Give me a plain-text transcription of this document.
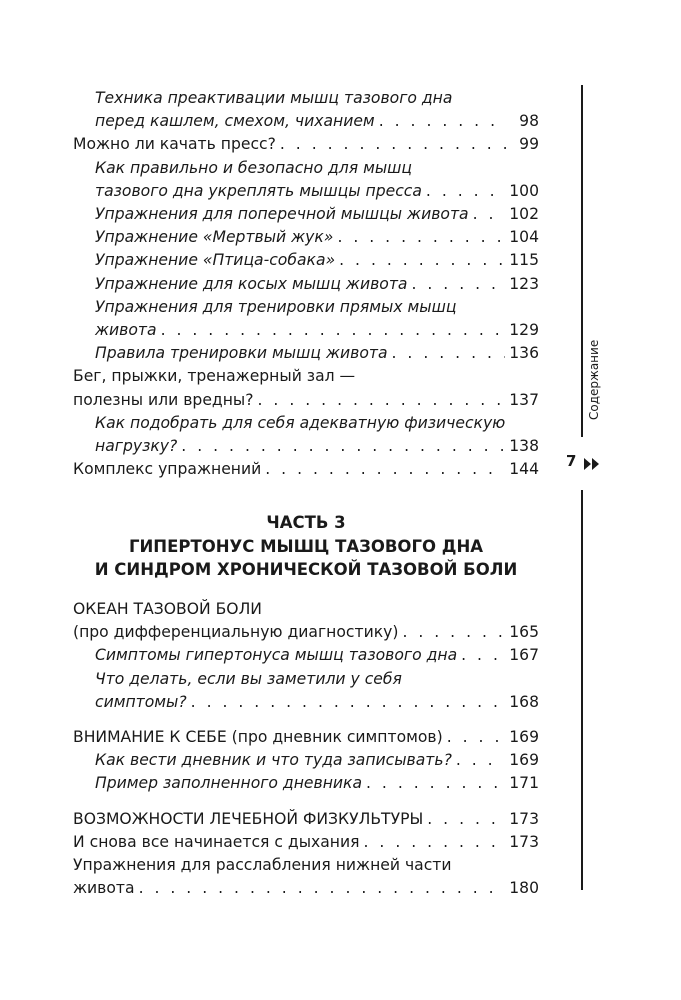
Техника преактивации мышц тазового дна
перед кашлем, смехом, чиханием . . .	98
Можно ли качать пресс? . . .	99
Как правильно и безопасно для мышц
тазового дна укреплять мышцы пресса . . .	100
Упражнения для поперечной мышцы живота . . .	102
Упражнение «Мертвый жук» . . .	104
Упражнение «Птица-собака» . . .	115
Упражнение для косых мышц живота . . .	123
Упражнения для тренировки прямых мышц
живота . . .	129
Правила тренировки мышц живота . . .	136
Бег, прыжки, тренажерный зал —
полезны или вредны? . . .	137
Как подобрать для себя адекватную физическую
нагрузку? . . .	138
Комплекс упражнений . . .	144
ЧАСТЬ 3
ГИПЕРТОНУС МЫШЦ ТАЗОВОГО ДНА
И СИНДРОМ ХРОНИЧЕСКОЙ ТАЗОВОЙ БОЛИ
ОКЕАН ТАЗОВОЙ БОЛИ
(про дифференциальную диагностику) . . .	165
Симптомы гипертонуса мышц тазового дна . . .	167
Что делать, если вы заметили у себя
симптомы? . . .	168
ВНИМАНИЕ К СЕБЕ (про дневник симптомов) . . .	169
Как вести дневник и что туда записывать? . . .	169
Пример заполненного дневника . . .	171
ВОЗМОЖНОСТИ ЛЕЧЕБНОЙ ФИЗКУЛЬТУРЫ . . .	173
И снова все начинается с дыхания . . .	173
Упражнения для расслабления нижней части
живота . . .	180
Содержание
7
